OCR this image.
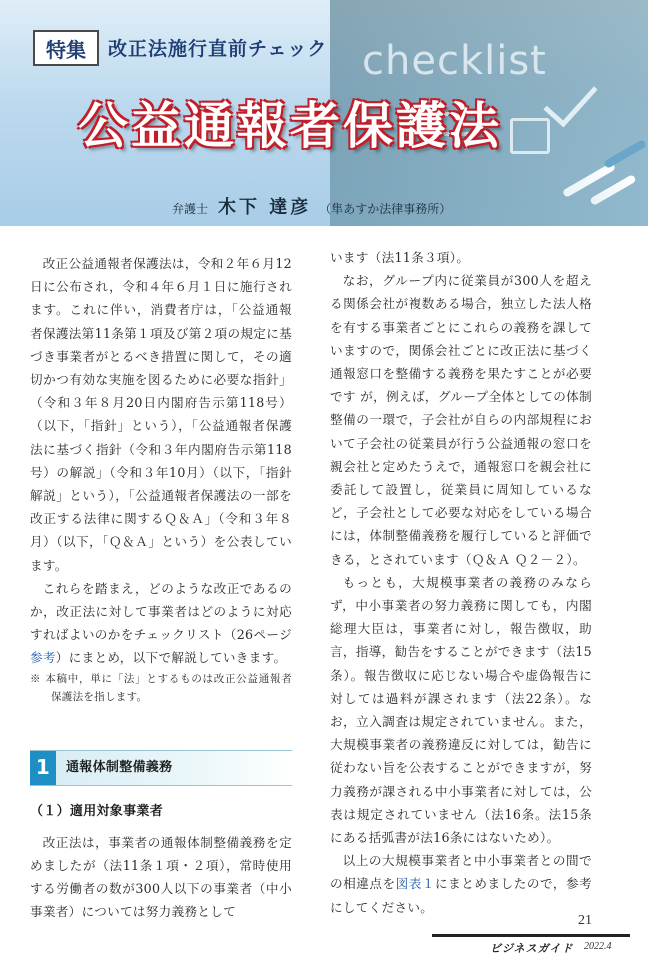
checklist
特集	改正法施行直前チェック
公益通報者保護法
弁護士 木下 達彦 （隼あすか法律事務所）

改正公益通報者保護法は，令和２年６月12日に公布され，令和４年６月１日に施行されます。これに伴い，消費者庁は，「公益通報者保護法第11条第１項及び第２項の規定に基づき事業者がとるべき措置に関して，その適切かつ有効な実施を図るために必要な指針」（令和３年８月20日内閣府告示第118号）（以下，「指針」という），「公益通報者保護法に基づく指針（令和３年内閣府告示第118号）の解説」（令和３年10月）（以下，「指針解説」という），「公益通報者保護法の一部を改正する法律に関するＱ＆Ａ」（令和３年８月）（以下，「Ｑ＆Ａ」という）を公表しています。

これらを踏まえ，どのような改正であるのか，改正法に対して事業者はどのように対応すればよいのかをチェックリスト（26ページ参考）にまとめ，以下で解説していきます。

※ 本稿中，単に「法」とするものは改正公益通報者保護法を指します。

1	通報体制整備義務
（１）適用対象事業者

改正法は，事業者の通報体制整備義務を定めましたが（法11条１項・２項），常時使用する労働者の数が300人以下の事業者（中小事業者）については努力義務として

います（法11条３項）。

なお，グループ内に従業員が300人を超える関係会社が複数ある場合，独立した法人格を有する事業者ごとにこれらの義務を課していますので，関係会社ごとに改正法に基づく通報窓口を整備する義務を果たすことが必要です が，例えば，グループ全体としての体制整備の一環で，子会社が自らの内部規程において子会社の従業員が行う公益通報の窓口を親会社と定めたうえで，通報窓口を親会社に委託して設置し，従業員に周知しているなど，子会社として必要な対応をしている場合には，体制整備義務を履行していると評価できる，とされています（Ｑ＆Ａ Ｑ２－２）。

もっとも，大規模事業者の義務のみならず，中小事業者の努力義務に関しても，内閣総理大臣は，事業者に対し，報告徴収，助言，指導，勧告をすることができます（法15条）。報告徴収に応じない場合や虚偽報告に対しては過料が課されます（法22条）。なお，立入調査は規定されていません。また，大規模事業者の義務違反に対しては，勧告に従わない旨を公表することができますが，努力義務が課される中小事業者に対しては，公表は規定されていません（法16条。法15条にある括弧書が法16条にはないため）。

以上の大規模事業者と中小事業者との間での相違点を図表１にまとめましたので，参考にしてください。

21
ビジネスガイド 2022.4
